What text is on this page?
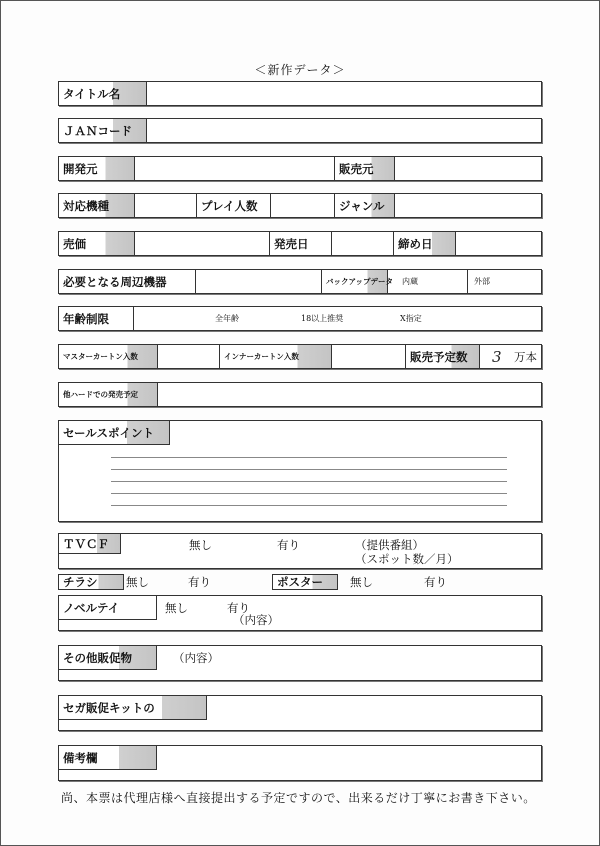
＜新作データ＞
タイトル名
ＪＡＮコード
開発元	販売元
対応機種	プレイ人数	ジャンル
売価	発売日	締め日
必要となる周辺機器	バックアップデータ 内蔵	外部
年齢制限	全年齢	18以上推奨	X指定
マスターカートン入数	インナーカートン入数	販売予定数	3 万本
他ハードでの発売予定
セールスポイント
ＴＶＣＦ	無し	有り	（提供番組）
（スポット数／月）
チラシ	無し	有り	ポスター	無し	有り
ノベルテイ	無し	有り
（内容）
その他販促物	（内容）
セガ販促キットの
備考欄
尚、本票は代理店様へ直接提出する予定ですので、出来るだけ丁寧にお書き下さい。
